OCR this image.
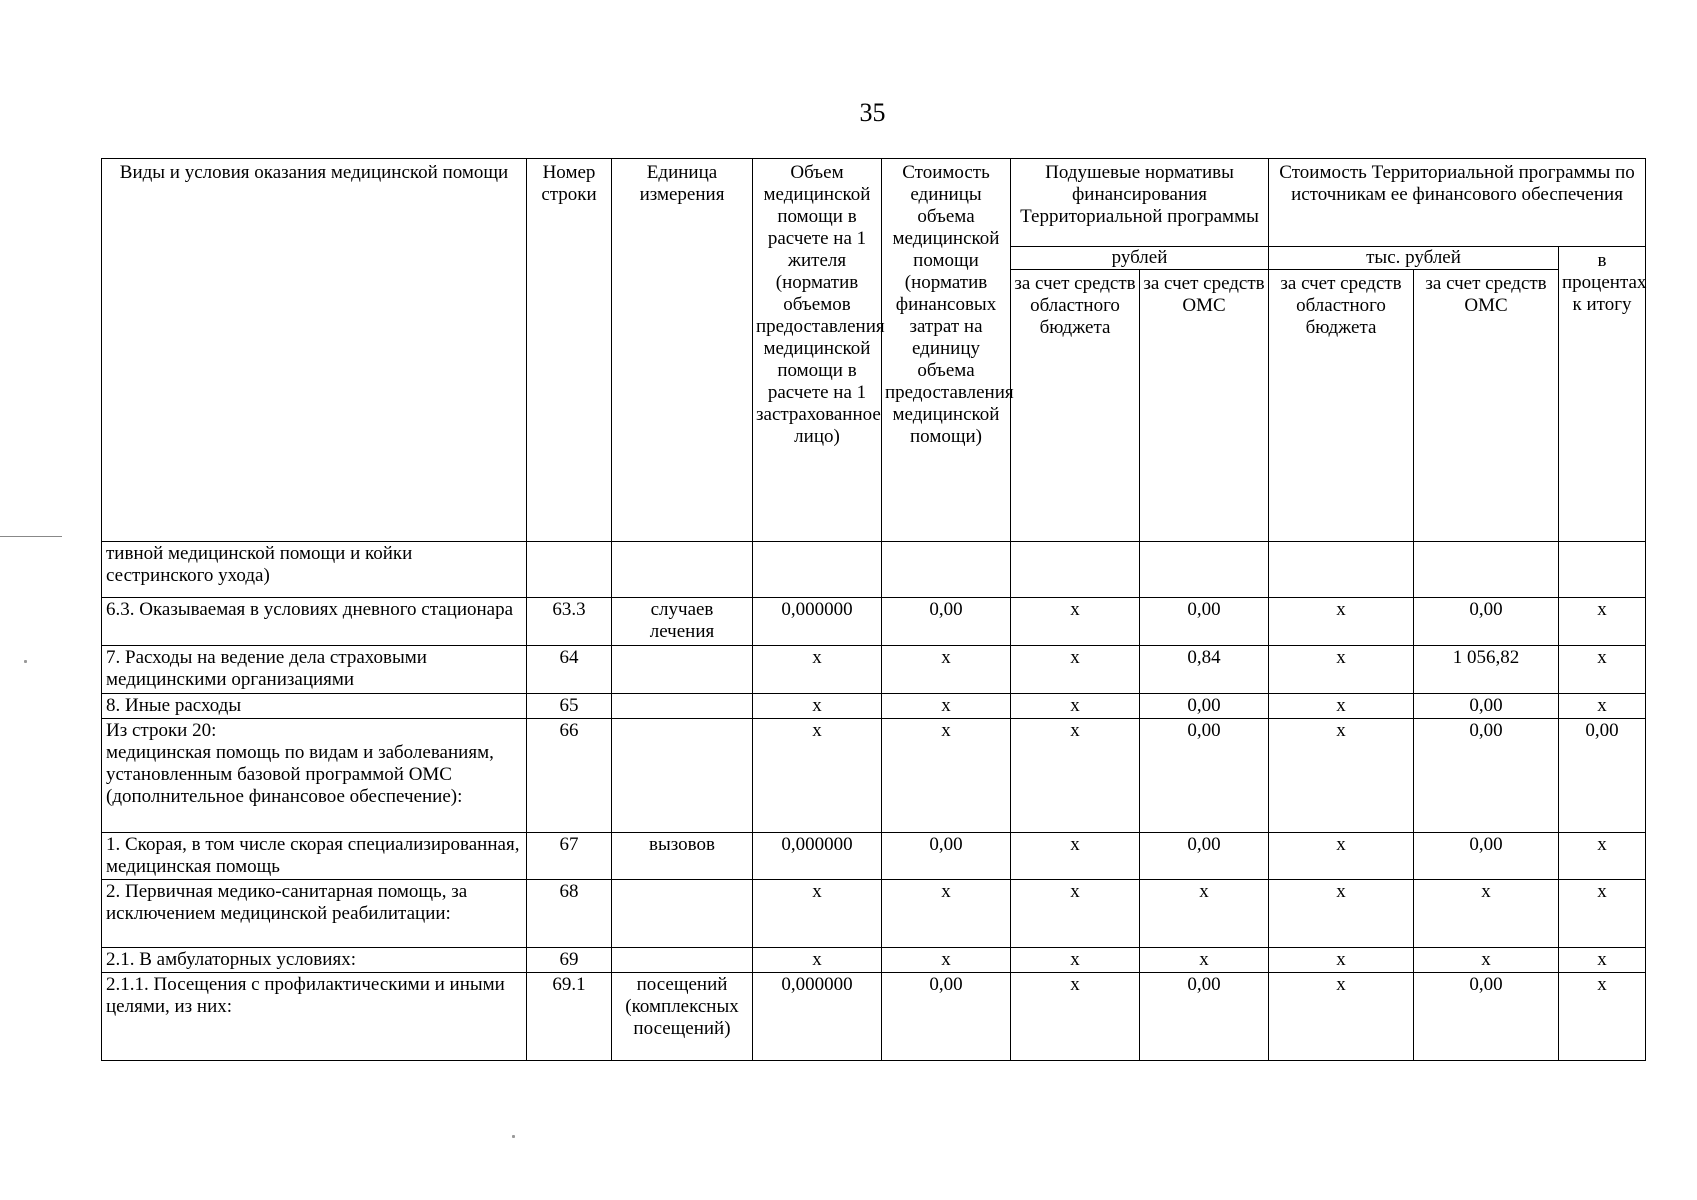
35
Виды и условия оказания медицинской помощи	Номер строки	Единица измерения	Объем медицинской помощи в расчете на 1 жителя (норматив объемов предоставления медицинской помощи в расчете на 1 застрахованное лицо)	Стоимость единицы объема медицинской помощи (норматив финансовых затрат на единицу объема предоставления медицинской помощи)	Подушевые нормативы финансирования Территориальной программы		Стоимость Территориальной программы по источникам ее финансового обеспечения		
					рублей		тыс. рублей		в процентах к итогу
					за счет средств областного бюджета	за счет средств ОМС	за счет средств областного бюджета	за счет средств ОМС	
тивной медицинской помощи и койки сестринского ухода)									
6.3. Оказываемая в условиях дневного стационара	63.3	случаев лечения	0,000000	0,00	х	0,00	х	0,00	х
7. Расходы на ведение дела страховыми медицинскими организациями	64		х	х	х	0,84	х	1 056,82	х
8. Иные расходы	65		х	х	х	0,00	х	0,00	х
Из строки 20:
медицинская помощь по видам и заболеваниям, установленным базовой программой ОМС (дополнительное финансовое обеспечение):	66		х	х	х	0,00	х	0,00	0,00
1. Скорая, в том числе скорая специализированная, медицинская помощь	67	вызовов	0,000000	0,00	х	0,00	х	0,00	х
2. Первичная медико-санитарная помощь, за исключением медицинской реабилитации:	68		х	х	х	х	х	х	х
2.1. В амбулаторных условиях:	69		х	х	х	х	х	х	х
2.1.1. Посещения с профилактическими и иными целями, из них:	69.1	посещений (комплексных посещений)	0,000000	0,00	х	0,00	х	0,00	х
